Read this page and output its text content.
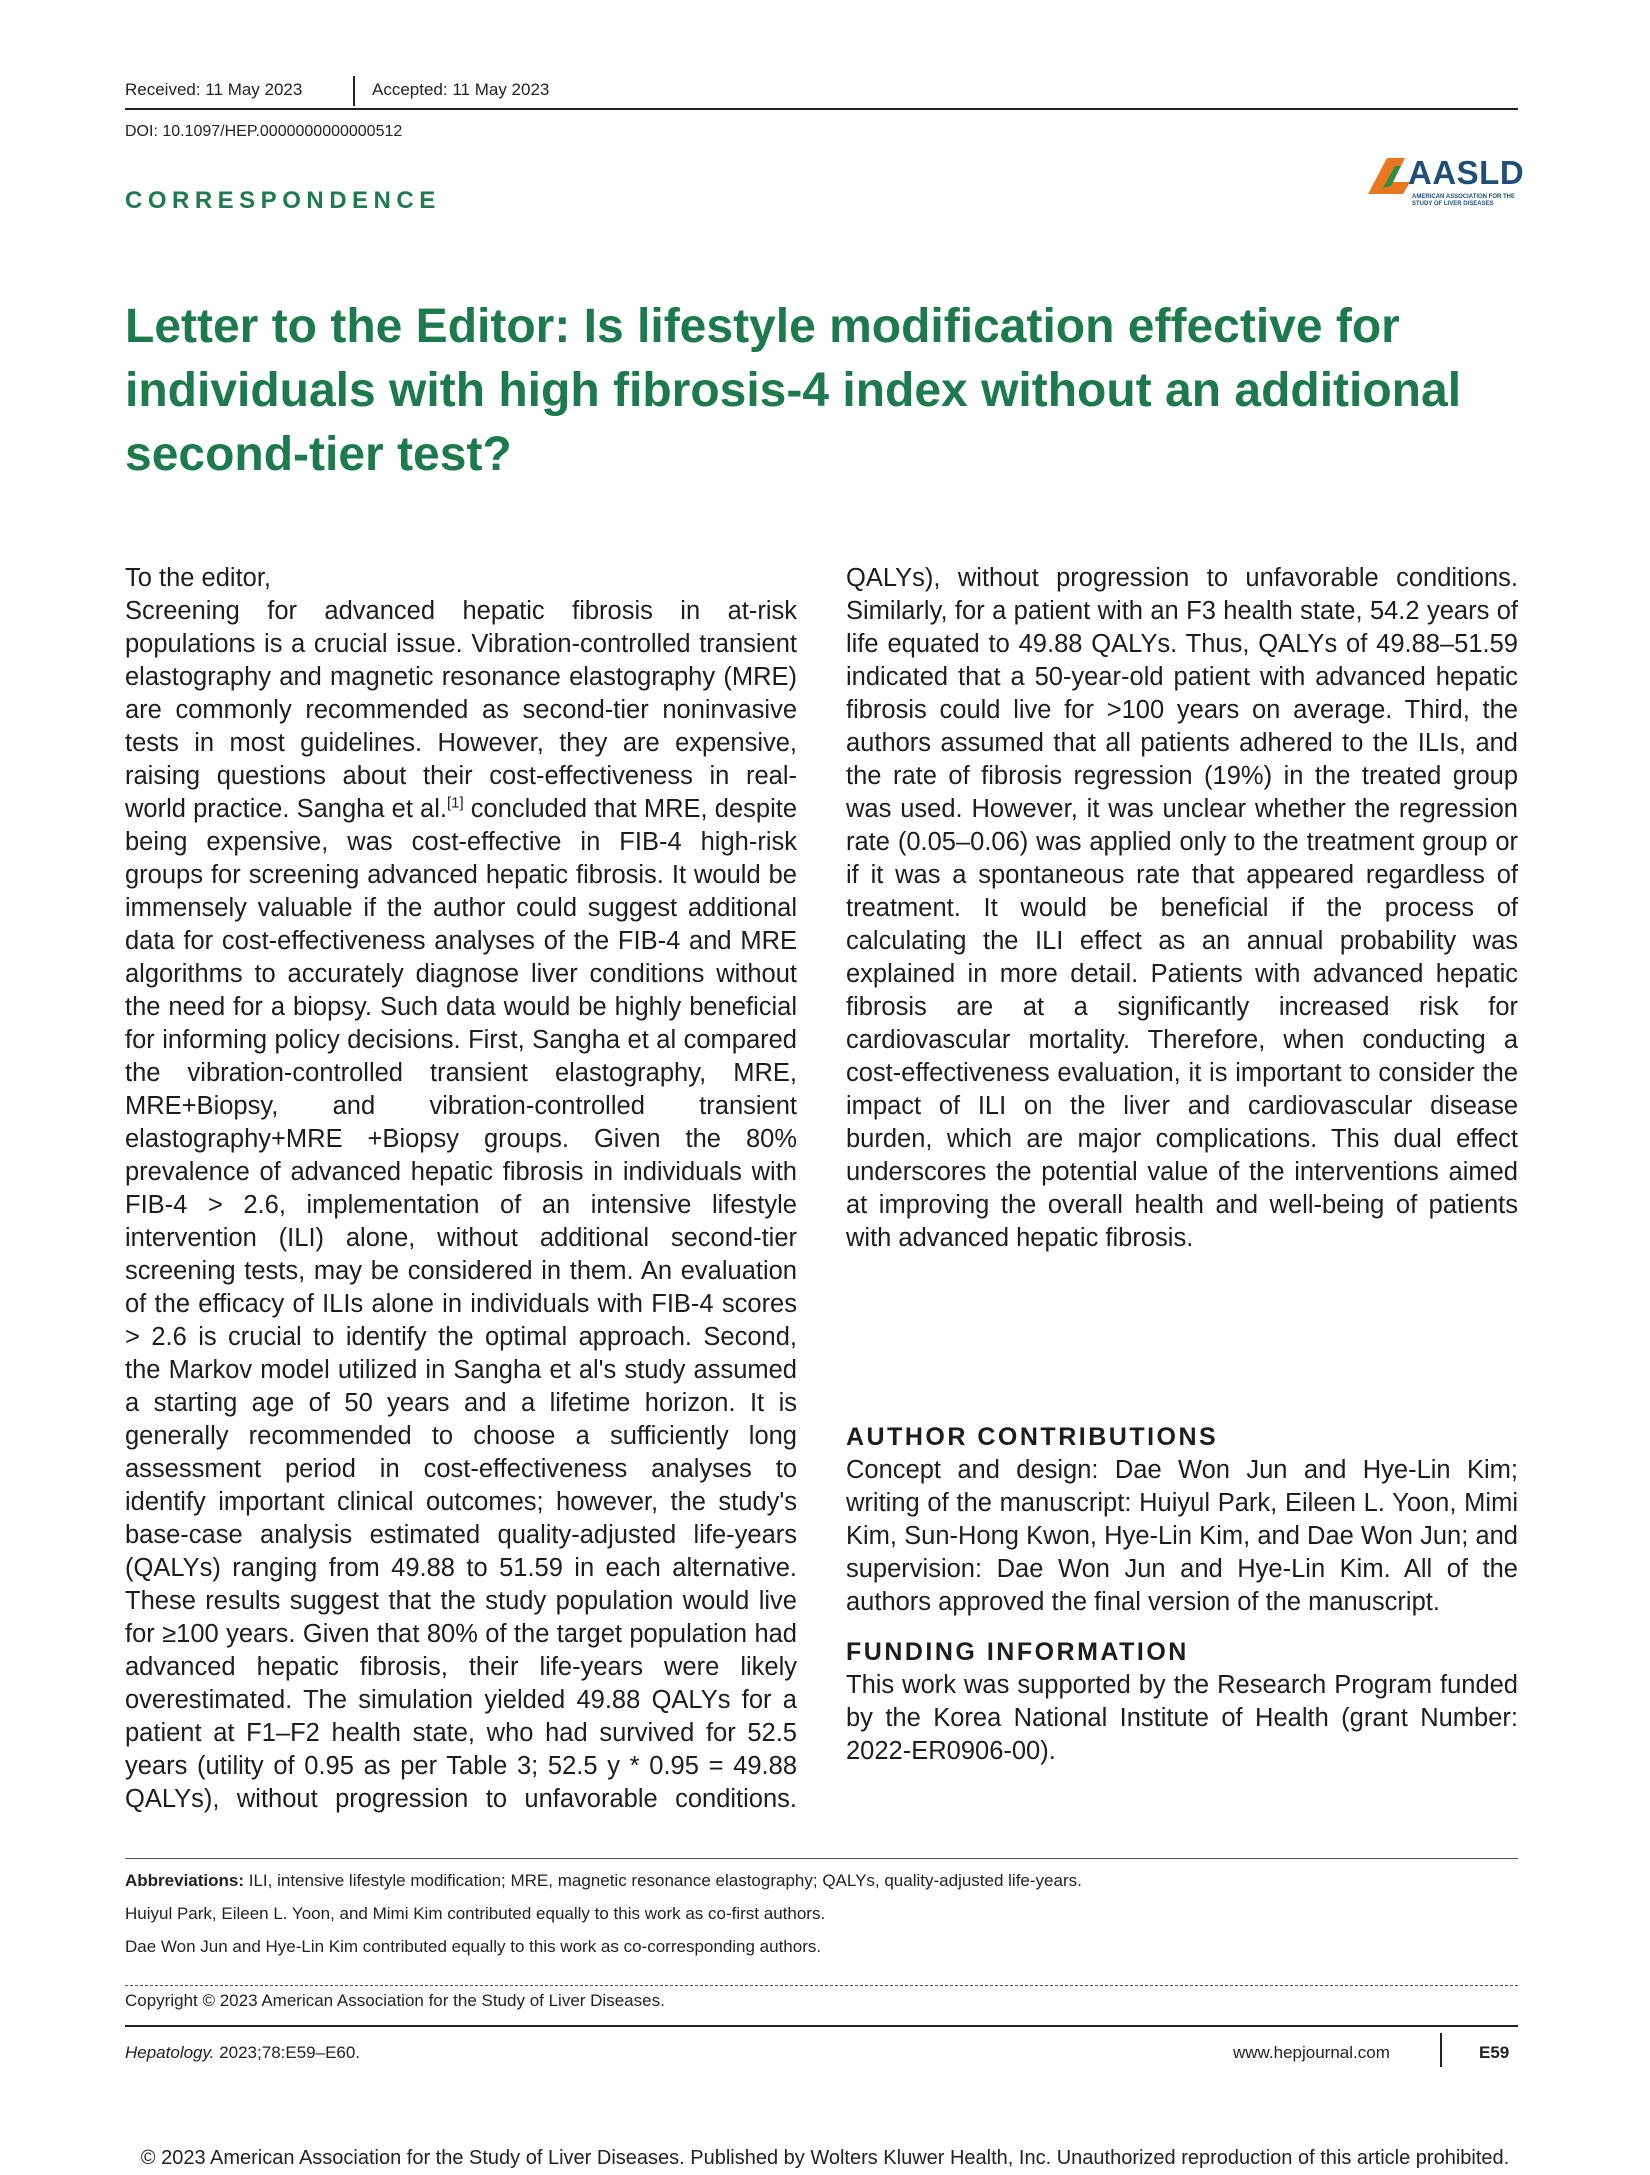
Received: 11 May 2023	Accepted: 11 May 2023
DOI: 10.1097/HEP.0000000000000512
AASLD
AMERICAN ASSOCIATION FOR THE STUDY OF LIVER DISEASES
CORRESPONDENCE
Letter to the Editor: Is lifestyle modification effective for individuals with high fibrosis-4 index without an additional second-tier test?

To the editor,

Screening for advanced hepatic fibrosis in at-risk populations is a crucial issue. Vibration-controlled transient elastography and magnetic resonance elastography (MRE) are commonly recommended as second-tier noninvasive tests in most guidelines. However, they are expensive, raising questions about their cost-effectiveness in real-world practice. Sangha et al.[1] concluded that MRE, despite being expensive, was cost-effective in FIB-4 high-risk groups for screening advanced hepatic fibrosis. It would be immensely valuable if the author could suggest additional data for cost-effectiveness analyses of the FIB-4 and MRE algorithms to accurately diagnose liver conditions without the need for a biopsy. Such data would be highly beneficial for informing policy decisions. First, Sangha et al compared the vibration-controlled transient elastography, MRE, MRE+Biopsy, and vibration-controlled transient elastography+MRE +Biopsy groups. Given the 80% prevalence of advanced hepatic fibrosis in individuals with FIB-4 > 2.6, implementation of an intensive lifestyle intervention (ILI) alone, without additional second-tier screening tests, may be considered in them. An evaluation of the efficacy of ILIs alone in individuals with FIB-4 scores > 2.6 is crucial to identify the optimal approach. Second, the Markov model utilized in Sangha et al's study assumed a starting age of 50 years and a lifetime horizon. It is generally recommended to choose a sufficiently long assessment period in cost-effectiveness analyses to identify important clinical outcomes; however, the study's base-case analysis estimated quality-adjusted life-years (QALYs) ranging from 49.88 to 51.59 in each alternative. These results suggest that the study population would live for ≥100 years. Given that 80% of the target population had advanced hepatic fibrosis, their life-years were likely overestimated. The simulation yielded 49.88 QALYs for a patient at F1–F2 health state, who had survived for 52.5 years (utility of 0.95 as per Table 3; 52.5 y * 0.95 = 49.88 QALYs), without progression to unfavorable conditions.

QALYs), without progression to unfavorable conditions. Similarly, for a patient with an F3 health state, 54.2 years of life equated to 49.88 QALYs. Thus, QALYs of 49.88–51.59 indicated that a 50-year-old patient with advanced hepatic fibrosis could live for >100 years on average. Third, the authors assumed that all patients adhered to the ILIs, and the rate of fibrosis regression (19%) in the treated group was used. However, it was unclear whether the regression rate (0.05–0.06) was applied only to the treatment group or if it was a spontaneous rate that appeared regardless of treatment. It would be beneficial if the process of calculating the ILI effect as an annual probability was explained in more detail. Patients with advanced hepatic fibrosis are at a significantly increased risk for cardiovascular mortality. Therefore, when conducting a cost-effectiveness evaluation, it is important to consider the impact of ILI on the liver and cardiovascular disease burden, which are major complications. This dual effect underscores the potential value of the interventions aimed at improving the overall health and well-being of patients with advanced hepatic fibrosis.

AUTHOR CONTRIBUTIONS

Concept and design: Dae Won Jun and Hye-Lin Kim; writing of the manuscript: Huiyul Park, Eileen L. Yoon, Mimi Kim, Sun-Hong Kwon, Hye-Lin Kim, and Dae Won Jun; and supervision: Dae Won Jun and Hye-Lin Kim. All of the authors approved the final version of the manuscript.

FUNDING INFORMATION

This work was supported by the Research Program funded by the Korea National Institute of Health (grant Number: 2022-ER0906-00).

Abbreviations: ILI, intensive lifestyle modification; MRE, magnetic resonance elastography; QALYs, quality-adjusted life-years.
Huiyul Park, Eileen L. Yoon, and Mimi Kim contributed equally to this work as co-first authors.
Dae Won Jun and Hye-Lin Kim contributed equally to this work as co-corresponding authors.
Copyright © 2023 American Association for the Study of Liver Diseases.
Hepatology. 2023;78:E59–E60.	www.hepjournal.com	E59
© 2023 American Association for the Study of Liver Diseases. Published by Wolters Kluwer Health, Inc. Unauthorized reproduction of this article prohibited.
